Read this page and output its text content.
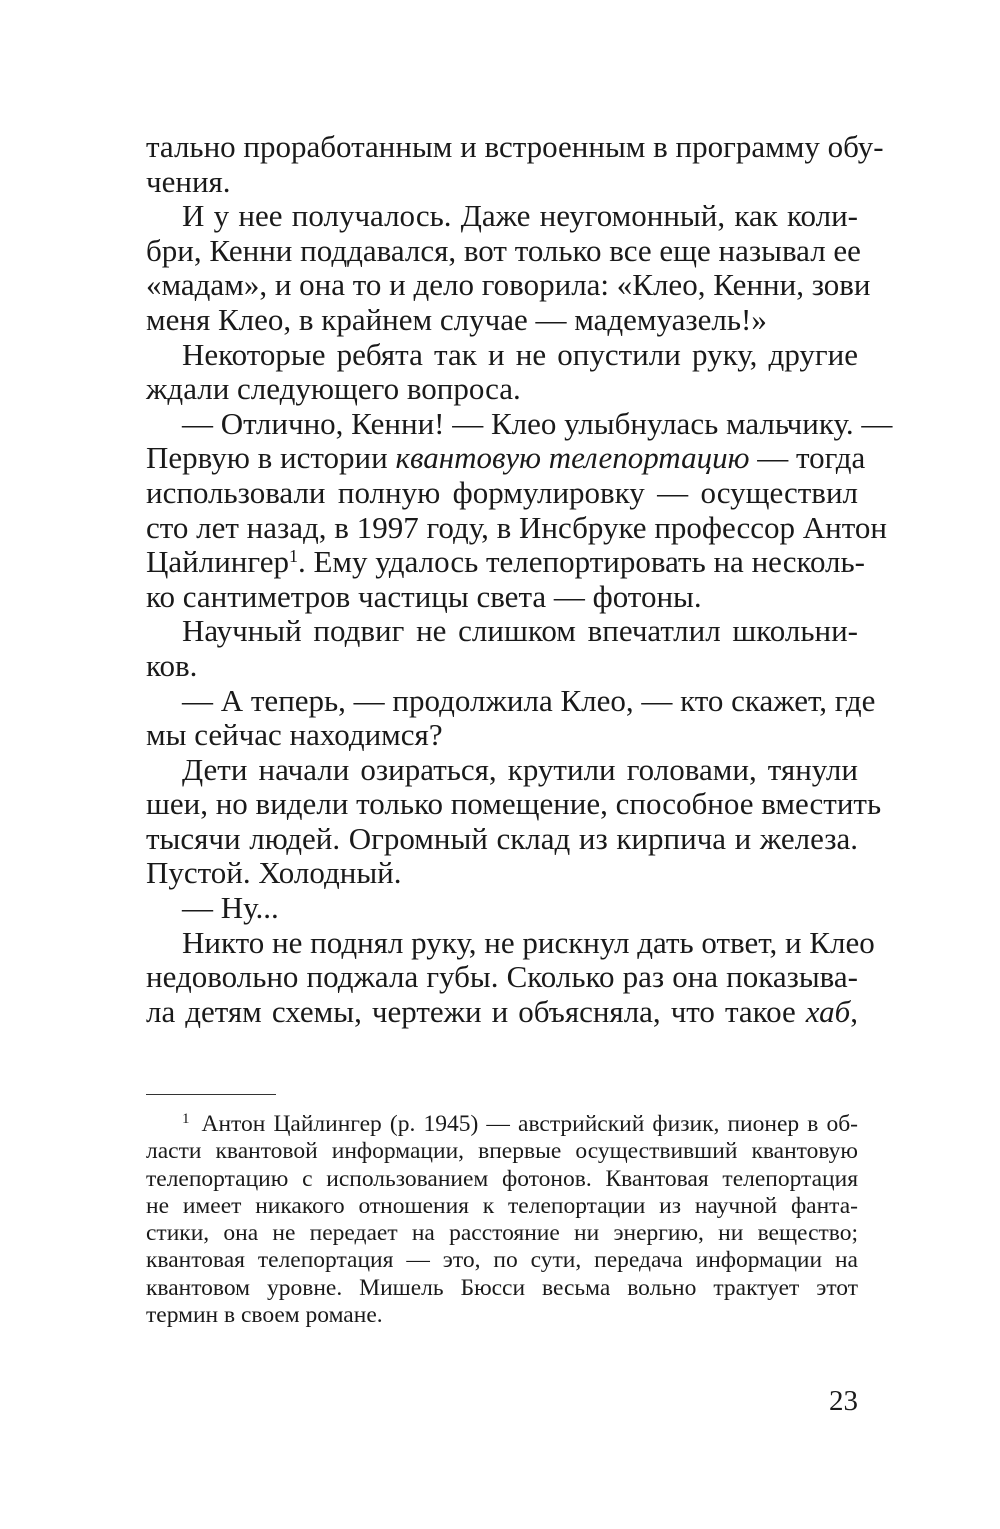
тально проработанным и встроенным в программу обу-
чения.
И у нее получалось. Даже неугомонный, как коли-
бри, Кенни поддавался, вот только все еще называл ее
«мадам», и она то и дело говорила: «Клео, Кенни, зови
меня Клео, в крайнем случае — мадемуазель!»
Некоторые ребята так и не опустили руку, другие
ждали следующего вопроса.
— Отлично, Кенни! — Клео улыбнулась мальчику. —
Первую в истории квантовую телепортацию — тогда
использовали полную формулировку — осуществил
сто лет назад, в 1997 году, в Инсбруке профессор Антон
Цайлингер$^1$. Ему удалось телепортировать на несколь-
ко сантиметров частицы света — фотоны.
Научный подвиг не слишком впечатлил школьни-
ков.
— А теперь, — продолжила Клео, — кто скажет, где
мы сейчас находимся?
Дети начали озираться, крутили головами, тянули
шеи, но видели только помещение, способное вместить
тысячи людей. Огромный склад из кирпича и железа.
Пустой. Холодный.
— Ну...
Никто не поднял руку, не рискнул дать ответ, и Клео
недовольно поджала губы. Сколько раз она показыва-
ла детям схемы, чертежи и объясняла, что такое хаб,
$^1$ Антон Цайлингер (р. 1945) — австрийский физик, пионер в об-
ласти квантовой информации, впервые осуществивший квантовую
телепортацию с использованием фотонов. Квантовая телепортация
не имеет никакого отношения к телепортации из научной фанта-
стики, она не передает на расстояние ни энергию, ни вещество;
квантовая телепортация — это, по сути, передача информации на
квантовом уровне. Мишель Бюсси весьма вольно трактует этот
термин в своем романе.
23
